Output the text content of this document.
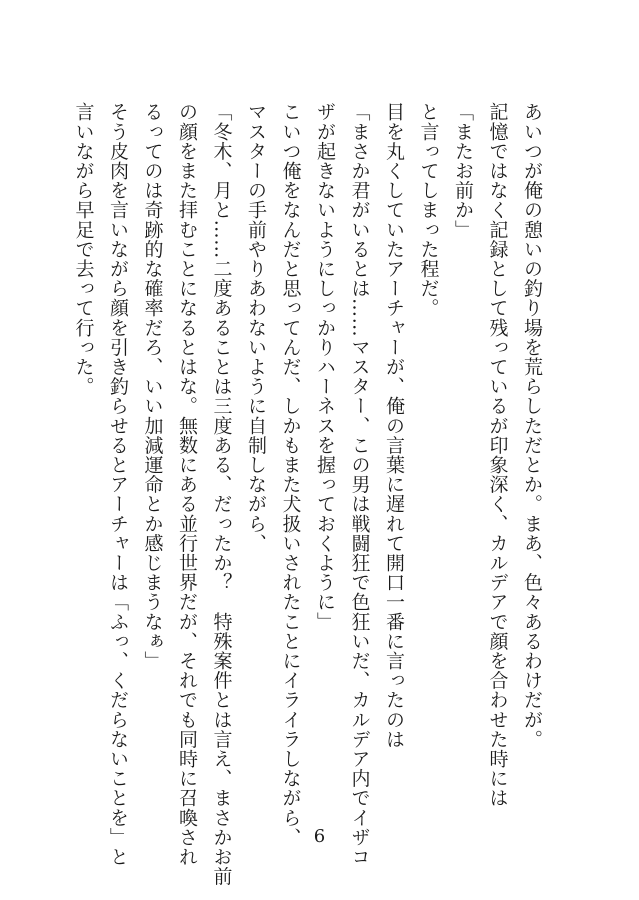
あいつが俺の憩いの釣り場を荒らしただとか。まあ、色々あるわけだが。
記憶ではなく記録として残っているが印象深く、カルデアで顔を合わせた時には
「またお前か」
と言ってしまった程だ。
目を丸くしていたアーチャーが、俺の言葉に遅れて開口一番に言ったのは
「まさか君がいるとは……マスター、この男は戦闘狂で色狂いだ、カルデア内でイザコ
ザが起きないようにしっかりハーネスを握っておくように」
こいつ俺をなんだと思ってんだ、しかもまた犬扱いされたことにイライラしながら、
マスターの手前やりあわないように自制しながら、
「冬木、月と……二度あることは三度ある、だったか？　特殊案件とは言え、まさかお前
の顔をまた拝むことになるとはな。無数にある並行世界だが、それでも同時に召喚され
るってのは奇跡的な確率だろ、いい加減運命とか感じまうなぁ」
そう皮肉を言いながら顔を引き釣らせるとアーチャーは「ふっ、くだらないことを」と
言いながら早足で去って行った。
6
